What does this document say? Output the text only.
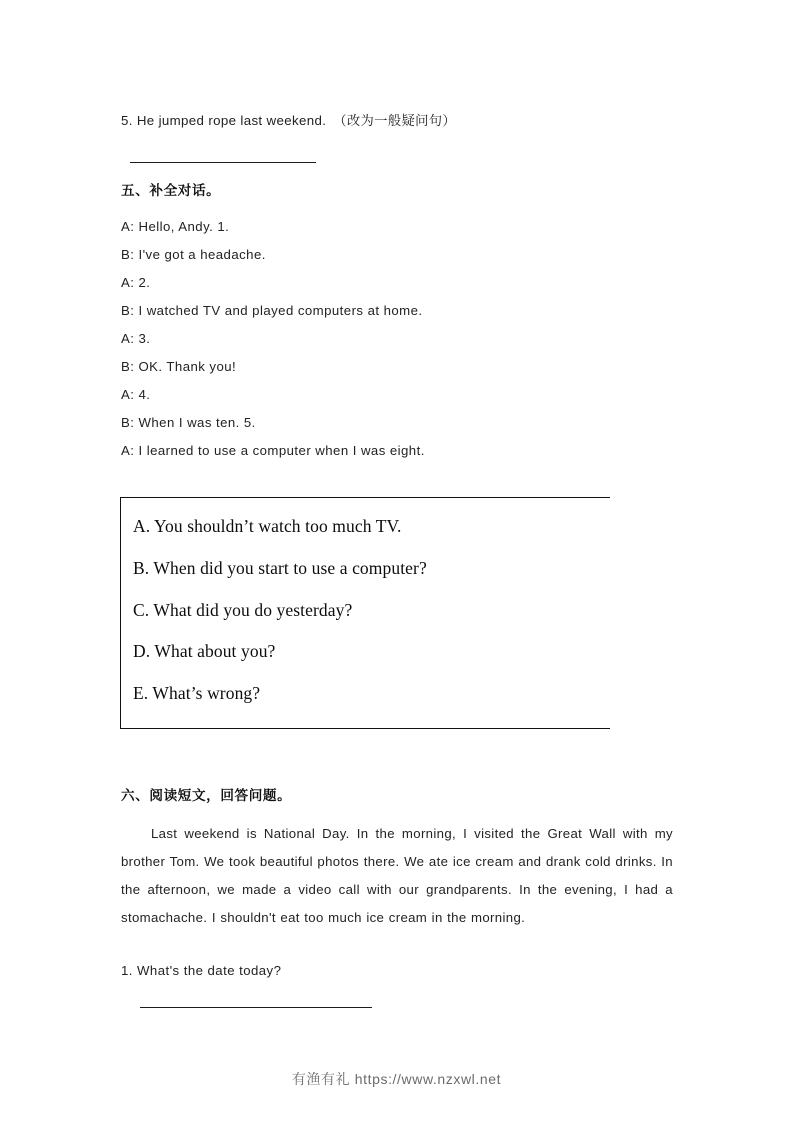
5. He jumped rope last weekend.　（改为一般疑问句）
五、补全对话。
A: Hello, Andy. 1.
B: I've got a headache.
A: 2.
B: I watched TV and played computers at home.
A: 3.
B: OK. Thank you!
A: 4.
B: When I was ten. 5.
A: I learned to use a computer when I was eight.
A. You shouldn’t watch too much TV.
B. When did you start to use a computer?
C. What did you do yesterday?
D. What about you?
E. What’s wrong?
六、阅读短文，回答问题。
Last weekend is National Day. In the morning, I visited the Great Wall with my brother Tom. We took beautiful photos there. We ate ice cream and drank cold drinks. In the afternoon, we made a video call with our grandparents. In the evening, I had a stomachache. I shouldn't eat too much ice cream in the morning.
1. What's the date today?
有渔有礼 https://www.nzxwl.net
